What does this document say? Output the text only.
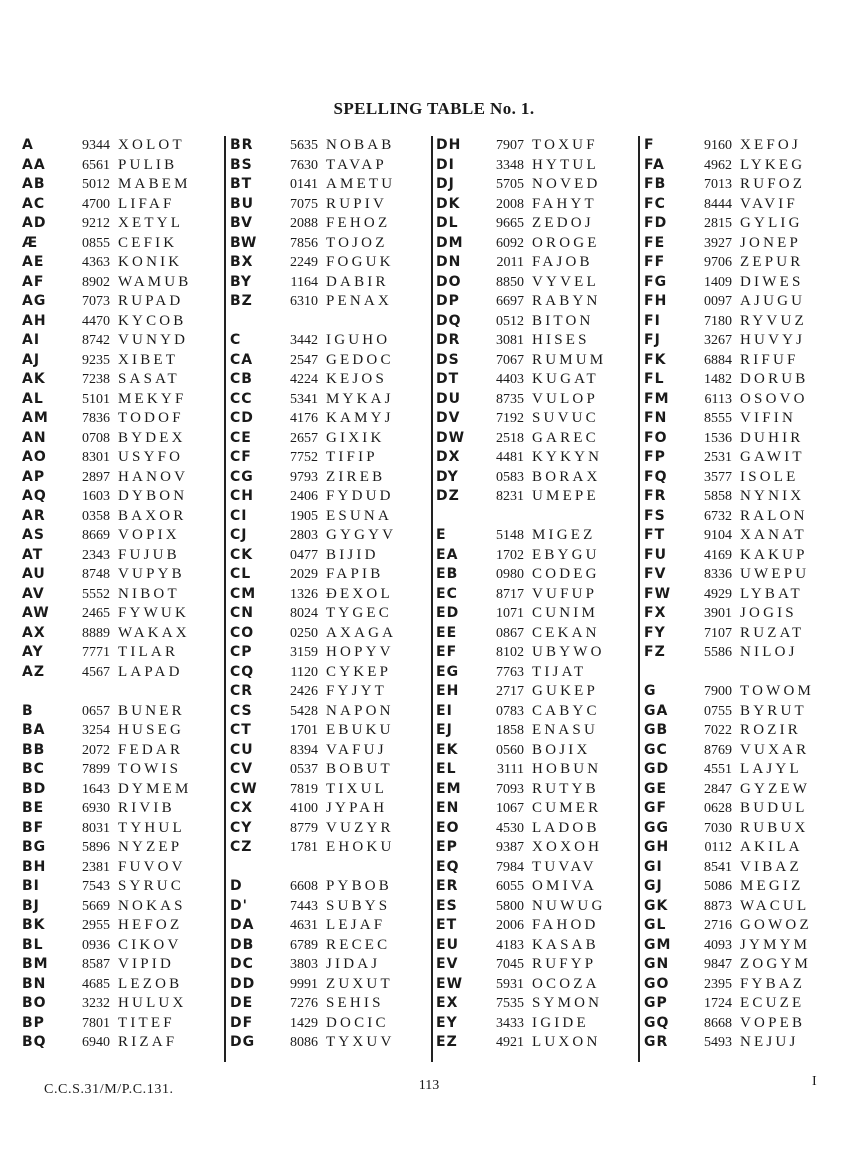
SPELLING TABLE No. 1.
A	9344 XOLOT
AA	6561 PULIB
AB	5012 MABEM
AC	4700 LIFAF
AD	9212 XETYL
Æ	0855 CEFIK
AE	4363 KONIK
AF	8902 WAMUB
AG	7073 RUPAD
AH	4470 KYCOB
AI	8742 VUNYD
AJ	9235 XIBET
AK	7238 SASAT
AL	5101 MEKYF
AM	7836 TODOF
AN	0708 BYDEX
AO	8301 USYFO
AP	2897 HANOV
AQ	1603 DYBON
AR	0358 BAXOR
AS	8669 VOPIX
AT	2343 FUJUB
AU	8748 VUPYB
AV	5552 NIBOT
AW	2465 FYWUK
AX	8889 WAKAX
AY	7771 TILAR
AZ	4567 LAPAD
B	0657 BUNER
BA	3254 HUSEG
BB	2072 FEDAR
BC	7899 TOWIS
BD	1643 DYMEM
BE	6930 RIVIB
BF	8031 TYHUL
BG	5896 NYZEP
BH	2381 FUVOV
BI	7543 SYRUC
BJ	5669 NOKAS
BK	2955 HEFOZ
BL	0936 CIKOV
BM	8587 VIPID
BN	4685 LEZOB
BO	3232 HULUX
BP	7801 TITEF
BQ	6940 RIZAF
BR	5635 NOBAB
BS	7630 TAVAP
BT	0141 AMETU
BU	7075 RUPIV
BV	2088 FEHOZ
BW	7856 TOJOZ
BX	2249 FOGUK
BY	1164 DABIR
BZ	6310 PENAX
C	3442 IGUHO
CA	2547 GEDOC
CB	4224 KEJOS
CC	5341 MYKAJ
CD	4176 KAMYJ
CE	2657 GIXIK
CF	7752 TIFIP
CG	9793 ZIREB
CH	2406 FYDUD
CI	1905 ESUNA
CJ	2803 GYGYV
CK	0477 BIJID
CL	2029 FAPIB
CM	1326 ĐEXOL
CN	8024 TYGEC
CO	0250 AXAGA
CP	3159 HOPYV
CQ	1120 CYKEP
CR	2426 FYJYT
CS	5428 NAPON
CT	1701 EBUKU
CU	8394 VAFUJ
CV	0537 BOBUT
CW	7819 TIXUL
CX	4100 JYPAH
CY	8779 VUZYR
CZ	1781 EHOKU
D	6608 PYBOB
D'	7443 SUBYS
DA	4631 LEJAF
DB	6789 RECEC
DC	3803 JIDAJ
DD	9991 ZUXUT
DE	7276 SEHIS
DF	1429 DOCIC
DG	8086 TYXUV
DH	7907 TOXUF
DI	3348 HYTUL
DJ	5705 NOVED
DK	2008 FAHYT
DL	9665 ZEDOJ
DM	6092 OROGE
DN	2011 FAJOB
DO	8850 VYVEL
DP	6697 RABYN
DQ	0512 BITON
DR	3081 HISES
DS	7067 RUMUM
DT	4403 KUGAT
DU	8735 VULOP
DV	7192 SUVUC
DW	2518 GAREC
DX	4481 KYKYN
DY	0583 BORAX
DZ	8231 UMEPE
E	5148 MIGEZ
EA	1702 EBYGU
EB	0980 CODEG
EC	8717 VUFUP
ED	1071 CUNIM
EE	0867 CEKAN
EF	8102 UBYWO
EG	7763 TIJAT
EH	2717 GUKEP
EI	0783 CABYC
EJ	1858 ENASU
EK	0560 BOJIX
EL	3111 HOBUN
EM	7093 RUTYB
EN	1067 CUMER
EO	4530 LADOB
EP	9387 XOXOH
EQ	7984 TUVAV
ER	6055 OMIVA
ES	5800 NUWUG
ET	2006 FAHOD
EU	4183 KASAB
EV	7045 RUFYP
EW	5931 OCOZA
EX	7535 SYMON
EY	3433 IGIDE
EZ	4921 LUXON
F	9160 XEFOJ
FA	4962 LYKEG
FB	7013 RUFOZ
FC	8444 VAVIF
FD	2815 GYLIG
FE	3927 JONEP
FF	9706 ZEPUR
FG	1409 DIWES
FH	0097 AJUGU
FI	7180 RYVUZ
FJ	3267 HUVYJ
FK	6884 RIFUF
FL	1482 DORUB
FM	6113 OSOVO
FN	8555 VIFIN
FO	1536 DUHIR
FP	2531 GAWIT
FQ	3577 ISOLE
FR	5858 NYNIX
FS	6732 RALON
FT	9104 XANAT
FU	4169 KAKUP
FV	8336 UWEPU
FW	4929 LYBAT
FX	3901 JOGIS
FY	7107 RUZAT
FZ	5586 NILOJ
G	7900 TOWOM
GA	0755 BYRUT
GB	7022 ROZIR
GC	8769 VUXAR
GD	4551 LAJYL
GE	2847 GYZEW
GF	0628 BUDUL
GG	7030 RUBUX
GH	0112 AKILA
GI	8541 VIBAZ
GJ	5086 MEGIZ
GK	8873 WACUL
GL	2716 GOWOZ
GM	4093 JYMYM
GN	9847 ZOGYM
GO	2395 FYBAZ
GP	1724 ECUZE
GQ	8668 VOPEB
GR	5493 NEJUJ
C.C.S.31/M/P.C.131.	113	I
